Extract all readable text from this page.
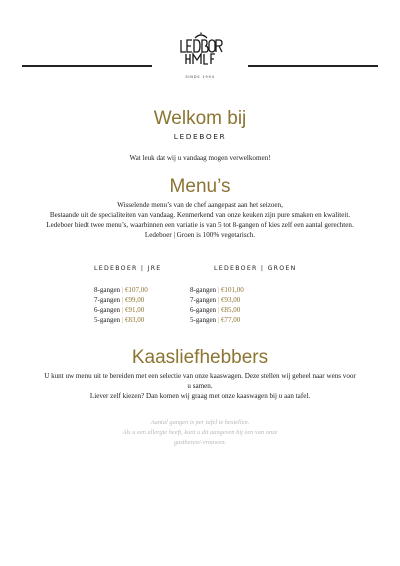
SINDS 1994
Welkom bij
LEDEBOER
Wat leuk dat wij u vandaag mogen verwelkomen!
Menu’s
Wisselende menu’s van de chef aangepast aan het seizoen,
Bestaande uit de specialiteiten van vandaag. Kenmerkend van onze keuken zijn pure smaken en kwaliteit.
Ledeboer biedt twee menu’s, waarbinnen een variatie is van 5 tot 8-gangen of kies zelf een aantal gerechten.
Ledeboer | Groen is 100% vegetarisch.
LEDEBOER | JRE	LEDEBOER | GROEN
8-gangen | €107,00
7-gangen | €99,00
6-gangen | €91,00
5-gangen | €83,00
8-gangen | €101,00
7-gangen | €93,00
6-gangen | €85,00
5-gangen | €77,00
Kaasliefhebbers
U kunt uw menu uit te bereiden met een selectie van onze kaaswagen. Deze stellen wij geheel naar wens voor
u samen.
Liever zelf kiezen? Dan komen wij graag met onze kaaswagen bij u aan tafel.
Aantal gangen is per tafel te bestellen.
Als u een allergie heeft, kunt u dit aangeven bij een van onze
gastheren/-vrouwen.
